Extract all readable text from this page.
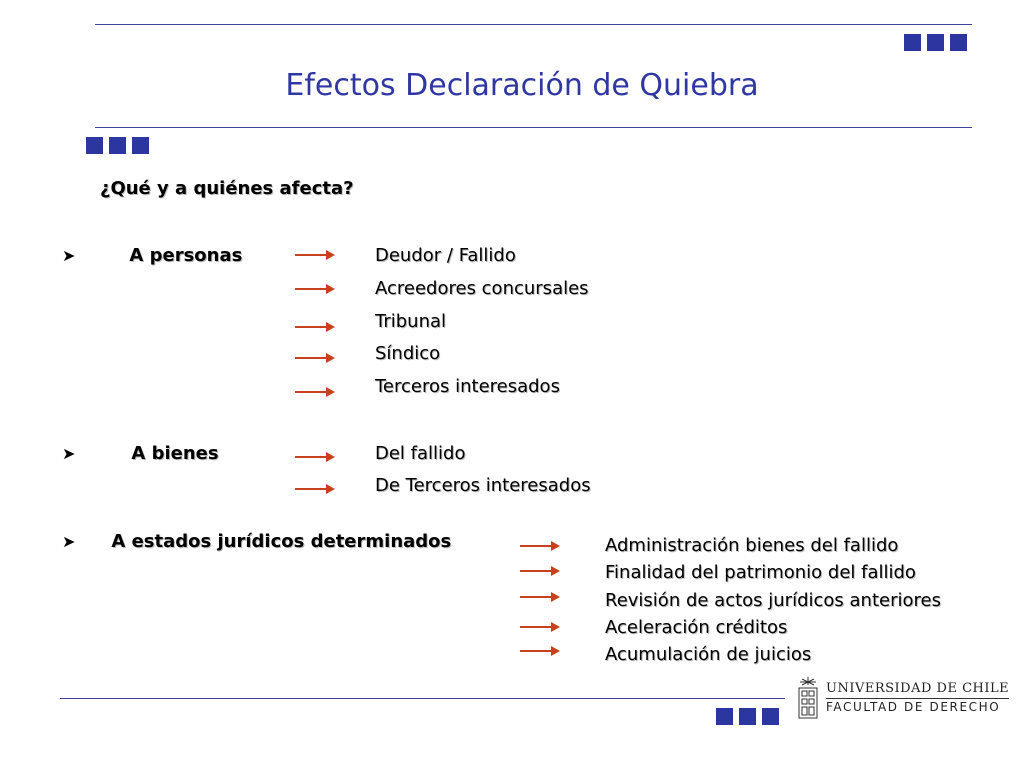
Efectos Declaración de Quiebra
¿Qué y a quiénes afecta?
➤	A personas	Deudor / Fallido
Acreedores concursales
Tribunal
Síndico
Terceros interesados
➤	A bienes	Del fallido
De Terceros interesados
➤ A estados jurídicos determinados	Administración bienes del fallido
Finalidad del patrimonio del fallido
Revisión de actos jurídicos anteriores
Aceleración créditos
Acumulación de juicios
UNIVERSIDAD DE CHILE
FACULTAD DE DERECHO
